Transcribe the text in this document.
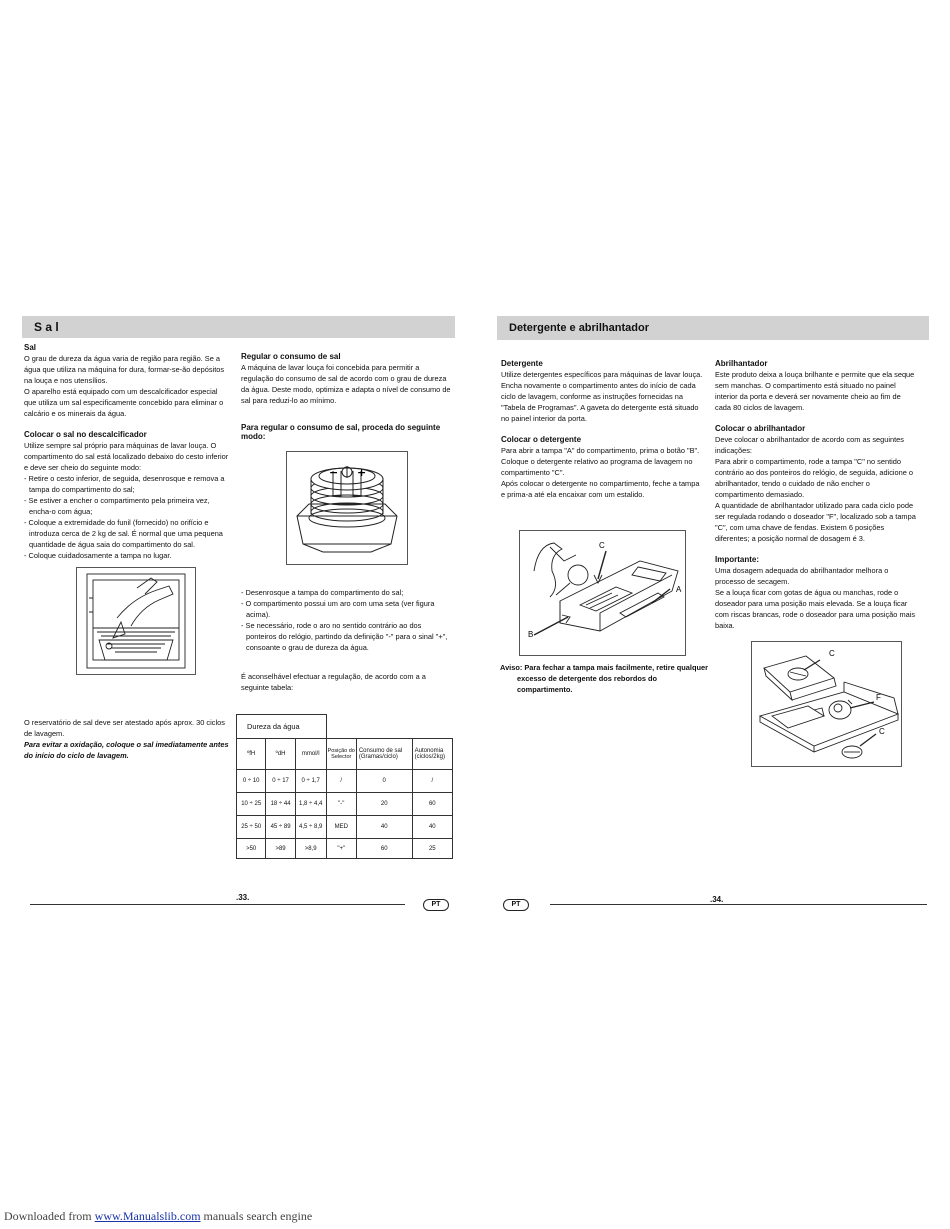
S a l
Sal

O grau de dureza da água varia de região para região. Se a água que utiliza na máquina for dura, formar-se-ão depósitos na louça e nos utensílios.

O aparelho está equipado com um descalcificador especial que utiliza um sal especificamente concebido para eliminar o calcário e os minerais da água.

Colocar o sal no descalcificador

Utilize sempre sal próprio para máquinas de lavar louça. O compartimento do sal está localizado debaixo do cesto inferior e deve ser cheio do seguinte modo:

- Retire o cesto inferior, de seguida, desenrosque e remova a tampa do compartimento do sal;

- Se estiver a encher o compartimento pela primeira vez, encha-o com água;

- Coloque a extremidade do funil (fornecido) no orifício e introduza cerca de 2 kg de sal. É normal que uma pequena quantidade de água saia do compartimento do sal.

- Coloque cuidadosamente a tampa no lugar.

O reservatório de sal deve ser atestado após aprox. 30 ciclos de lavagem.

Para evitar a oxidação, coloque o sal imediatamente antes do início do ciclo de lavagem.

Regular o consumo de sal

A máquina de lavar louça foi concebida para permitir a regulação do consumo de sal de acordo com o grau de dureza da água. Deste modo, optimiza e adapta o nível de consumo de sal para reduzi-lo ao mínimo.

Para regular o consumo de sal, proceda do seguinte modo:
− +

- Desenrosque a tampa do compartimento do sal;

- O compartimento possui um aro com uma seta (ver figura acima).

- Se necessário, rode o aro no sentido contrário ao dos ponteiros do relógio, partindo da definição "-" para o sinal "+", consoante o grau de dureza da água.

É aconselhável efectuar a regulação, de acordo com a a seguinte tabela:

Dureza da água					
ºfH	ºdH	mmol/l	Posição do Selector	Consumo de sal (Gramas/ciclo)	Autonomia (ciclos/2kg)
0 ÷ 10	0 ÷ 17	0 ÷ 1,7	/	0	/
10 ÷ 25	18 ÷ 44	1,8 ÷ 4,4	"-"	20	60
25 ÷ 50	45 ÷ 89	4,5 ÷ 8,9	MED	40	40
>50	>89	>8,9	"+"	60	25
.33.
PT
Detergente e abrilhantador
Detergente

Utilize detergentes específicos para máquinas de lavar louça. Encha novamente o compartimento antes do início de cada ciclo de lavagem, conforme as instruções fornecidas na "Tabela de Programas". A gaveta do detergente está situado no painel interior da porta.

Colocar o detergente

Para abrir a tampa "A" do compartimento, prima o botão "B".

Coloque o detergente relativo ao programa de lavagem no compartimento "C".

Após colocar o detergente no compartimento, feche a tampa e prima-a até ela encaixar com um estalido.

C
A
B

Aviso: Para fechar a tampa mais facilmente, retire qualquer excesso de detergente dos rebordos do compartimento.

Abrilhantador

Este produto deixa a louça brilhante e permite que ela seque sem manchas. O compartimento está situado no painel interior da porta e deverá ser novamente cheio ao fim de cada 80 ciclos de lavagem.

Colocar o abrilhantador

Deve colocar o abrilhantador de acordo com as seguintes indicações:

Para abrir o compartimento, rode a tampa "C" no sentido contrário ao dos ponteiros do relógio, de seguida, adicione o abrilhantador, tendo o cuidado de não encher o compartimento demasiado.

A quantidade de abrilhantador utilizado para cada ciclo pode ser regulada rodando o doseador "F", localizado sob a tampa "C", com uma chave de fendas. Existem 6 posições diferentes; a posição normal de dosagem é 3.

Importante:

Uma dosagem adequada do abrilhantador melhora o processo de secagem.

Se a louça ficar com gotas de água ou manchas, rode o doseador para uma posição mais elevada. Se a louça ficar com riscas brancas, rode o doseador para uma posição mais baixa.

C
F
C
PT
.34.
Downloaded from www.Manualslib.com manuals search engine
